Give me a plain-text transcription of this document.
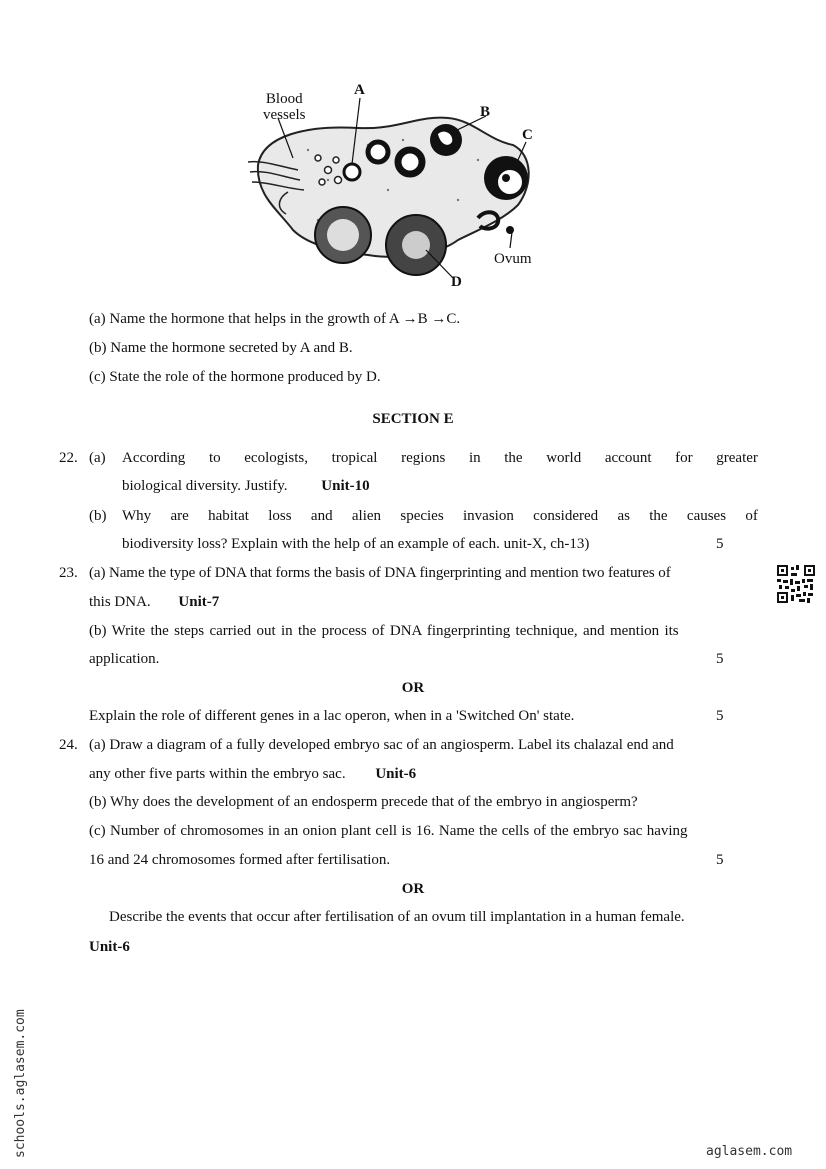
Blood
vessels
A
B
C
Ovum
D
(a) Name the hormone that helps in the growth of A →B →C.
(b) Name the hormone secreted by A and B.
(c) State the role of the hormone produced by D.
SECTION E
22. (a) According to ecologists, tropical regions in the world account for greater
biological diversity. Justify. Unit-10
(b) Why are habitat loss and alien species invasion considered as the causes of
biodiversity loss? Explain with the help of an example of each. unit-X, ch-13)	5
23. (a) Name the type of DNA that forms the basis of DNA fingerprinting and mention two features of
this DNA. Unit-7
(b) Write the steps carried out in the process of DNA fingerprinting technique, and mention its
application.	5
OR
Explain the role of different genes in a lac operon, when in a 'Switched On' state.	5
24. (a) Draw a diagram of a fully developed embryo sac of an angiosperm. Label its chalazal end and
any other five parts within the embryo sac. Unit-6
(b) Why does the development of an endosperm precede that of the embryo in angiosperm?
(c) Number of chromosomes in an onion plant cell is 16. Name the cells of the embryo sac having
16 and 24 chromosomes formed after fertilisation.	5
OR
Describe the events that occur after fertilisation of an ovum till implantation in a human female.
Unit-6
schools.aglasem.com	aglasem.com
